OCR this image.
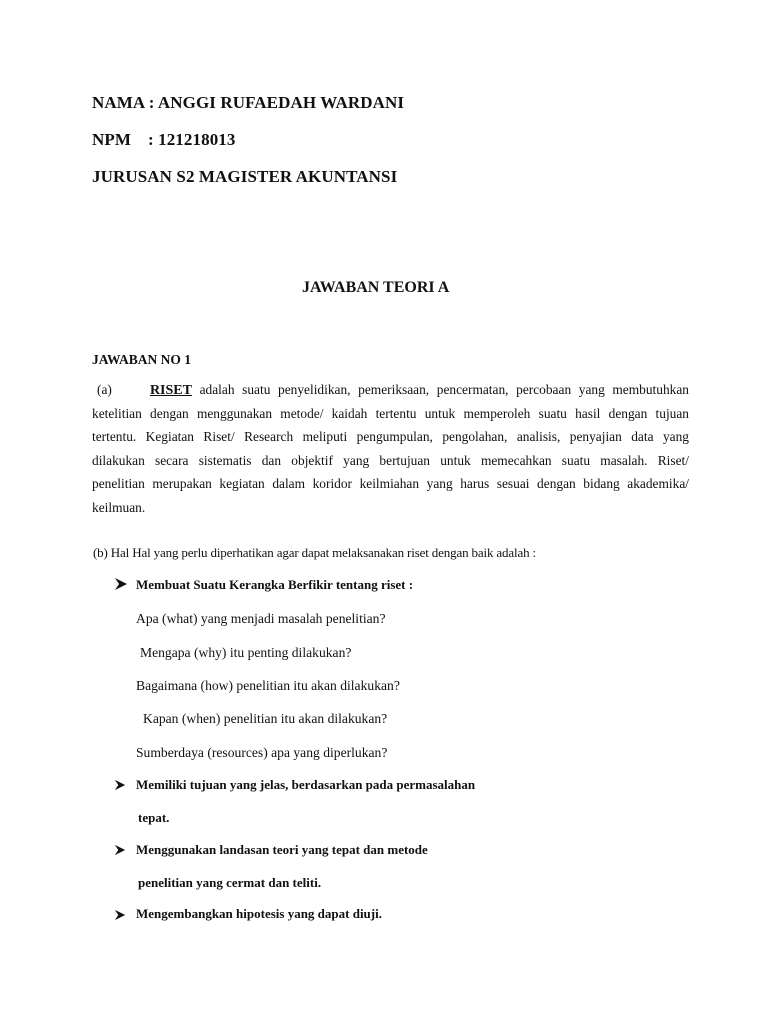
NAMA : ANGGI RUFAEDAH WARDANI
NPM : 121218013
JURUSAN S2 MAGISTER AKUNTANSI
JAWABAN TEORI A
JAWABAN NO 1
(a)	RISET adalah suatu penyelidikan, pemeriksaan, pencermatan, percobaan yang membutuhkan
ketelitian dengan menggunakan metode/ kaidah tertentu untuk memperoleh suatu hasil dengan tujuan
tertentu. Kegiatan Riset/ Research meliputi pengumpulan, pengolahan, analisis, penyajian data yang
dilakukan secara sistematis dan objektif yang bertujuan untuk memecahkan suatu masalah. Riset/
penelitian merupakan kegiatan dalam koridor keilmiahan yang harus sesuai dengan bidang akademika/
keilmuan.
(b) Hal Hal yang perlu diperhatikan agar dapat melaksanakan riset dengan baik adalah :
Membuat Suatu Kerangka Berfikir tentang riset :
Apa (what) yang menjadi masalah penelitian?
Mengapa (why) itu penting dilakukan?
Bagaimana (how) penelitian itu akan dilakukan?
Kapan (when) penelitian itu akan dilakukan?
Sumberdaya (resources) apa yang diperlukan?
Memiliki tujuan yang jelas, berdasarkan pada permasalahan
tepat.
Menggunakan landasan teori yang tepat dan metode
penelitian yang cermat dan teliti.
Mengembangkan hipotesis yang dapat diuji.
